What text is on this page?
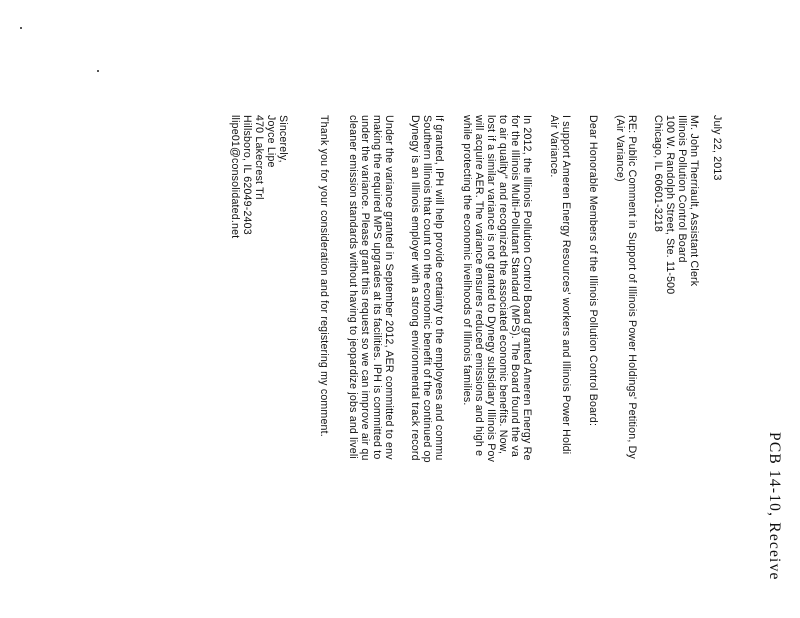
PCB 14-10, Receive
July 22, 2013
Mr. John Therriault, Assistant Clerk
Illinois Pollution Control Board
100 W. Randolph Street, Ste. 11-500
Chicago, IL 60601-3218
RE: Public Comment in Support of Illinois Power Holdings' Petition, Dy
(Air Variance)
Dear Honorable Members of the Illinois Pollution Control Board:
I support Ameren Energy Resources' workers and Illinois Power Holdi
Air Variance.
In 2012, the Illinois Pollution Control Board granted Ameren Energy Re
for the Illinois Multi-Pollutant Standard (MPS). The Board found the va
to air quality" and recognized the associated economic benefits. Now,
lost if a similar variance is not granted to Dynegy subsidiary Illinois Pov
will acquire AER. The variance ensures reduced emissions and high e
while protecting the economic livelihoods of Illinois families.
If granted, IPH will help provide certainty to the employees and commu
Southern Illinois that count on the economic benefit of the continued op
Dynegy is an Illinois employer with a strong environmental track record
Under the variance granted in September 2012, AER committed to env
making the required MPS upgrades at its facilities. IPH is committed to
under the variance. Please grant this request so we can improve air qu
cleaner emission standards without having to jeopardize jobs and liveli
Thank you for your consideration and for registering my comment.
Sincerely,
Joyce Lipe
470 Lakecrest Trl
Hillsboro, IL 62049-2403
llipe01@consolidated.net
